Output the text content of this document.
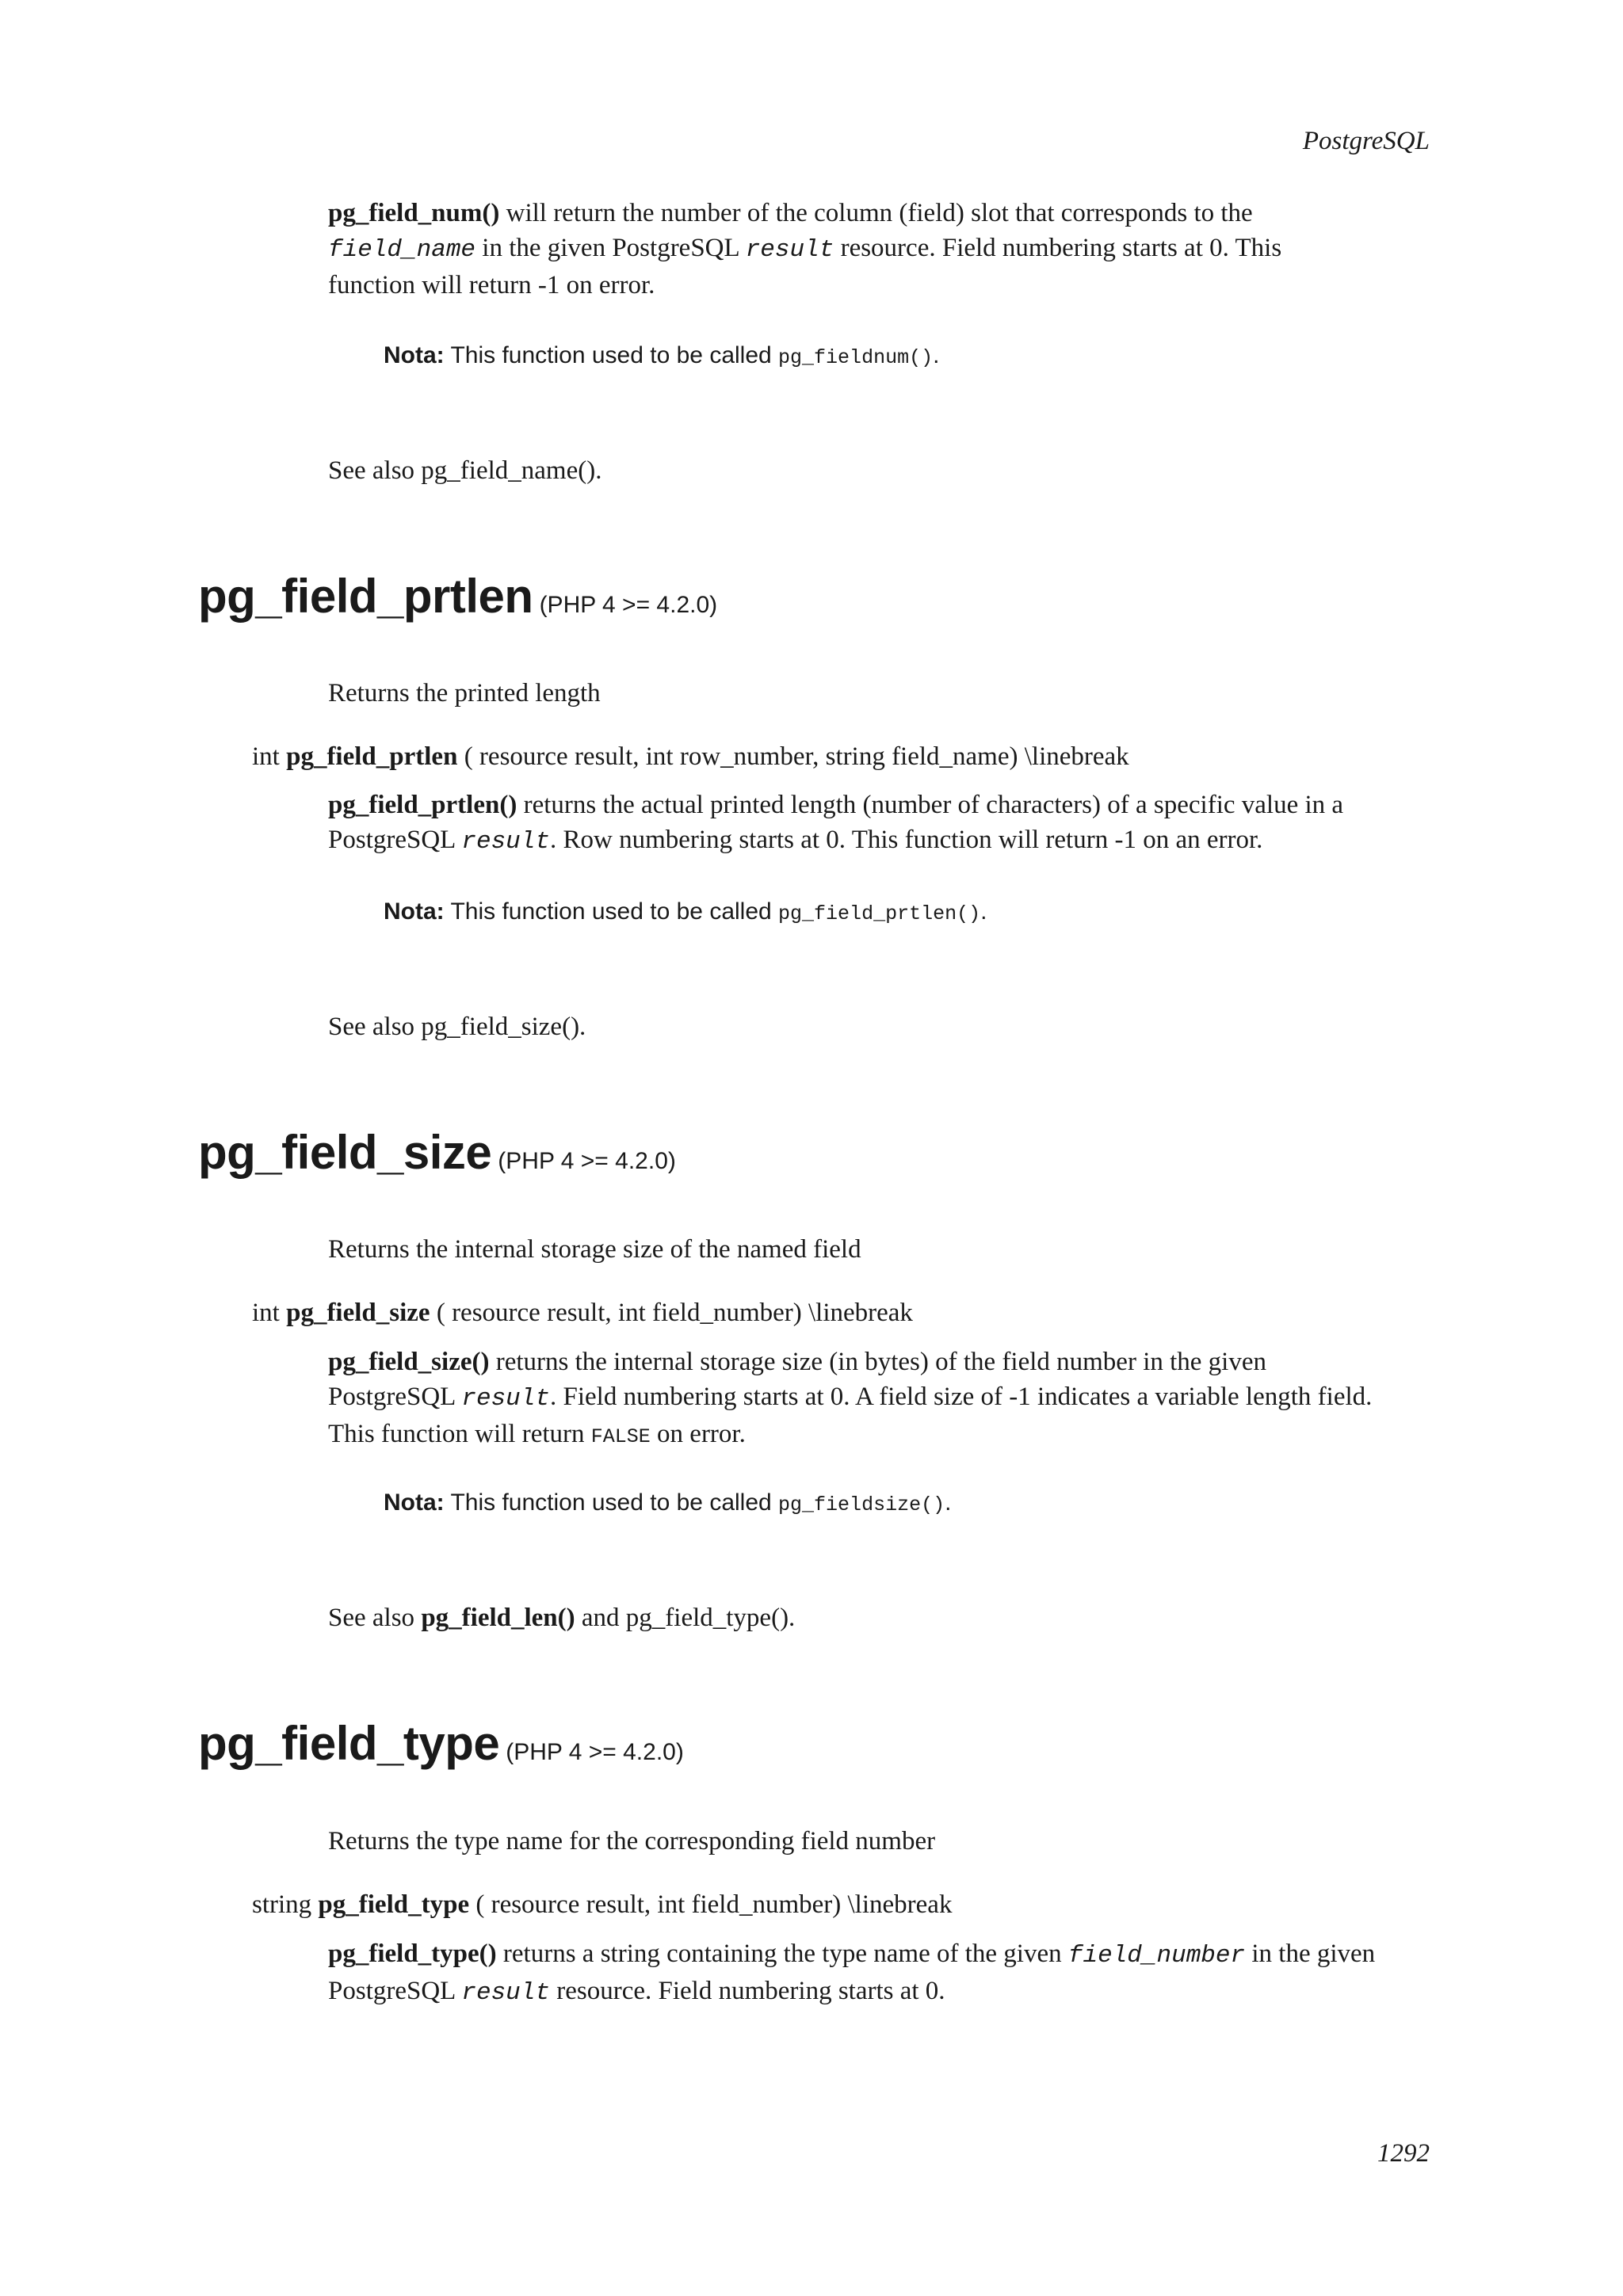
PostgreSQL
pg_field_num() will return the number of the column (field) slot that corresponds to the
field_name in the given PostgreSQL result resource. Field numbering starts at 0. This
function will return -1 on error.
Nota: This function used to be called pg_fieldnum().
See also pg_field_name().
pg_field_prtlen (PHP 4 >= 4.2.0)
Returns the printed length
int pg_field_prtlen ( resource result, int row_number, string field_name) \linebreak
pg_field_prtlen() returns the actual printed length (number of characters) of a specific value in a
PostgreSQL result. Row numbering starts at 0. This function will return -1 on an error.
Nota: This function used to be called pg_field_prtlen().
See also pg_field_size().
pg_field_size (PHP 4 >= 4.2.0)
Returns the internal storage size of the named field
int pg_field_size ( resource result, int field_number) \linebreak
pg_field_size() returns the internal storage size (in bytes) of the field number in the given
PostgreSQL result. Field numbering starts at 0. A field size of -1 indicates a variable length field.
This function will return FALSE on error.
Nota: This function used to be called pg_fieldsize().
See also pg_field_len() and pg_field_type().
pg_field_type (PHP 4 >= 4.2.0)
Returns the type name for the corresponding field number
string pg_field_type ( resource result, int field_number) \linebreak
pg_field_type() returns a string containing the type name of the given field_number in the given
PostgreSQL result resource. Field numbering starts at 0.
1292
